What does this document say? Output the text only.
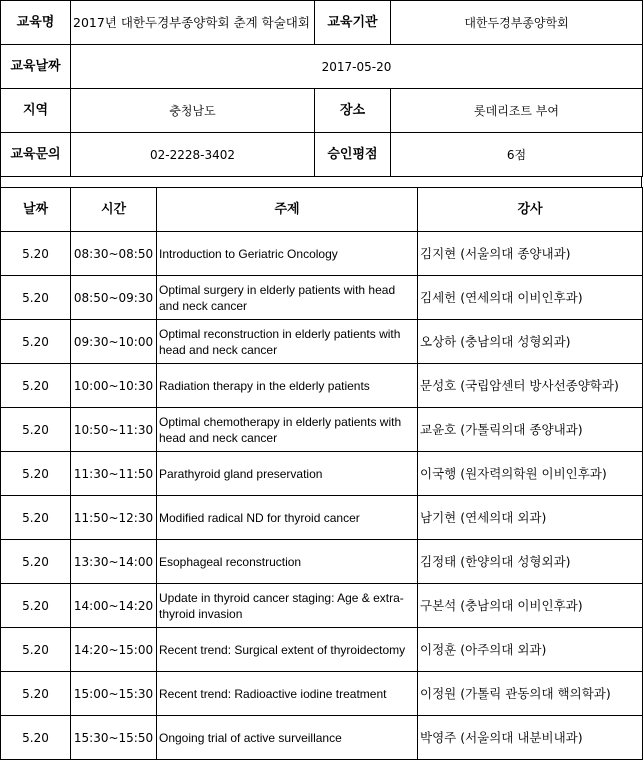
교육명	2017년 대한두경부종양학회 춘계 학술대회	교육기관	대한두경부종양학회
교육날짜	2017-05-20		
지역	충청남도	장소	롯데리조트 부여
교육문의	02-2228-3402	승인평점	6점
날짜	시간	주제	강사
5.20	08:30~08:50	Introduction to Geriatric Oncology	김지현 (서울의대 종양내과)
5.20	08:50~09:30	Optimal surgery in elderly patients with head and neck cancer	김세헌 (연세의대 이비인후과)
5.20	09:30~10:00	Optimal reconstruction in elderly patients with head and neck cancer	오상하 (충남의대 성형외과)
5.20	10:00~10:30	Radiation therapy in the elderly patients	문성호 (국립암센터 방사선종양학과)
5.20	10:50~11:30	Optimal chemotherapy in elderly patients with head and neck cancer	교윤호 (가톨릭의대 종양내과)
5.20	11:30~11:50	Parathyroid gland preservation	이국행 (원자력의학원 이비인후과)
5.20	11:50~12:30	Modified radical ND for thyroid cancer	남기현 (연세의대 외과)
5.20	13:30~14:00	Esophageal reconstruction	김정태 (한양의대 성형외과)
5.20	14:00~14:20	Update in thyroid cancer staging: Age & extra-thyroid invasion	구본석 (충남의대 이비인후과)
5.20	14:20~15:00	Recent trend: Surgical extent of thyroidectomy	이정훈 (아주의대 외과)
5.20	15:00~15:30	Recent trend: Radioactive iodine treatment	이정원 (가톨릭 관동의대 핵의학과)
5.20	15:30~15:50	Ongoing trial of active surveillance	박영주 (서울의대 내분비내과)
